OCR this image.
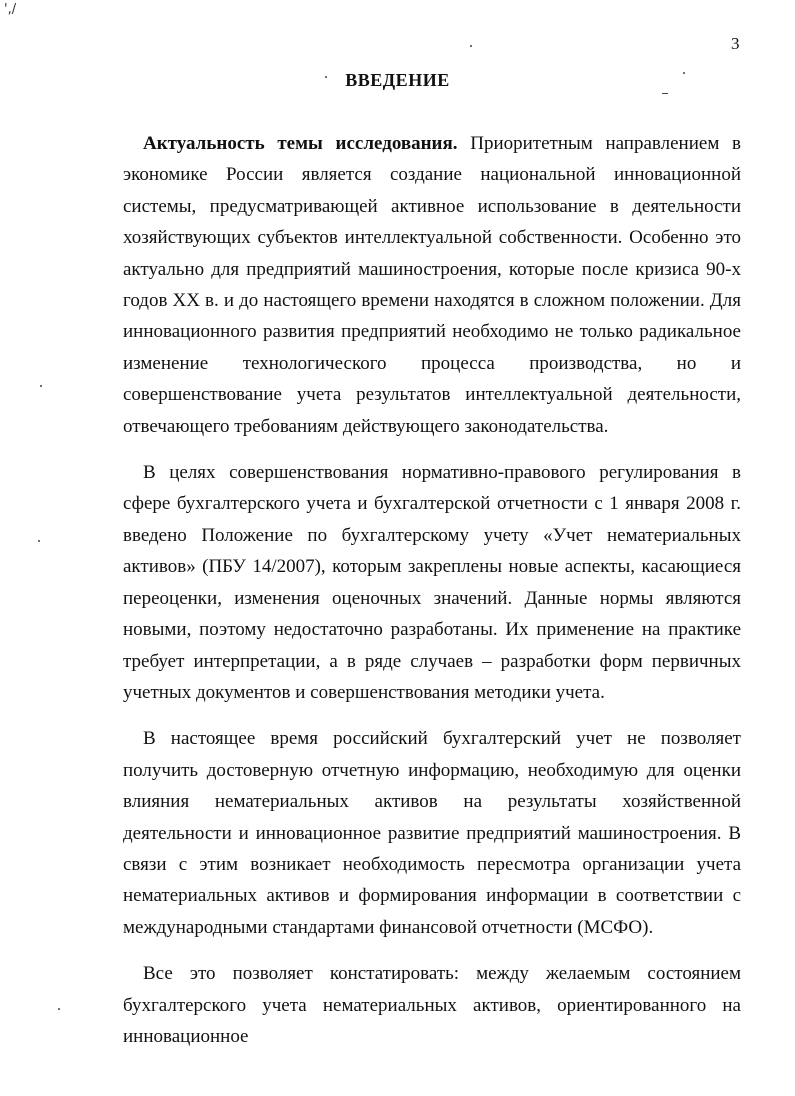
',/
3
ВВЕДЕНИЕ

Актуальность темы исследования. Приоритетным направлением в экономике России является создание национальной инновационной системы, предусматривающей активное использование в деятельности хозяйствующих субъектов интеллектуальной собственности. Особенно это актуально для предприятий машиностроения, которые после кризиса 90-х годов XX в. и до настоящего времени находятся в сложном положении. Для инновационного развития предприятий необходимо не только радикальное изменение технологического процесса производства, но и совершенствование учета результатов интеллектуальной деятельности, отвечающего требованиям действующего законодательства.

В целях совершенствования нормативно-правового регулирования в сфере бухгалтерского учета и бухгалтерской отчетности с 1 января 2008 г. введено Положение по бухгалтерскому учету «Учет нематериальных активов» (ПБУ 14/2007), которым закреплены новые аспекты, касающиеся переоценки, изменения оценочных значений. Данные нормы являются новыми, поэтому недостаточно разработаны. Их применение на практике требует интерпретации, а в ряде случаев – разработки форм первичных учетных документов и совершенствования методики учета.

В настоящее время российский бухгалтерский учет не позволяет получить достоверную отчетную информацию, необходимую для оценки влияния нематериальных активов на результаты хозяйственной деятельности и инновационное развитие предприятий машиностроения. В связи с этим возникает необходимость пересмотра организации учета нематериальных активов и формирования информации в соответствии с международными стандартами финансовой отчетности (МСФО).

Все это позволяет констатировать: между желаемым состоянием бухгалтерского учета нематериальных активов, ориентированного на инновационное
